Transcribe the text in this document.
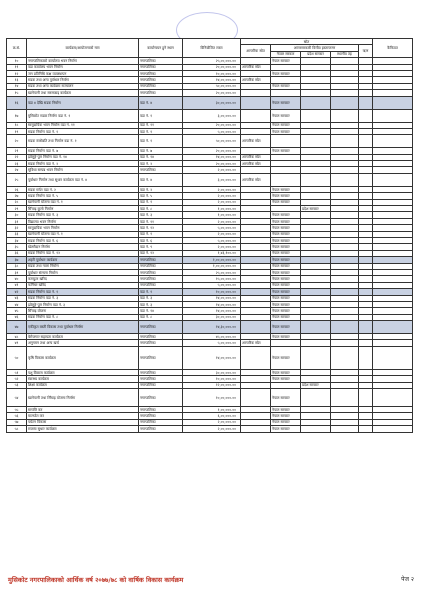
क्र.सं.	कार्यक्रम/आयोजनाको नाम	कार्यान्वयन हुने स्थान	विनियोजित रकम	स्रोत					कैफियत
				आन्तरिक स्रोत	अन्तरसरकारी वित्तीय हस्तान्तरण			ऋण	
					नेपाल सरकार	प्रदेश सरकार	स्थानीय तह		
१०	नगरपालिकाको कार्यालय भवन निर्माण	नगरपालिका	२५,००,०००.००		नेपाल सरकार				
११	वडा कार्यालय भवन निर्माण	नगरपालिका	२०,००,०००.००	आन्तरिक स्रोत					
१२	जन प्रतिनिधि कक्ष व्यवस्थापन	नगरपालिका	१०,००,०००.००		नेपाल सरकार				
१३	सडक तथा अन्य पूर्वाधार निर्माण	नगरपालिका	१४,००,०००.००	आन्तरिक स्रोत					
१४	सडक तथा अन्य कार्यक्रम सञ्चालन	नगरपालिका	५०,००,०००.००		नेपाल सरकार				
१५	खानेपानी तथा सरसफाइ कार्यक्रम	नगरपालिका	२०,००,०००.००						
१६	वडा ४ देखि सडक निर्माण	वडा नं. ४	३०,००,०००.००		नेपाल सरकार				
१७	मुसिकोट सडक निर्माण वडा नं. १	वडा नं. १	३,००,०००.००		नेपाल सरकार				
१८	सामुदायिक भवन निर्माण वडा नं. ११	वडा नं. ११	२०,००,०००.००		नेपाल सरकार				
१९	सडक निर्माण वडा नं. १	वडा नं. १	५,००,०००.००		नेपाल सरकार				
२०	सडक स्तरोन्नति तथा निर्माण वडा नं. १	वडा नं. १	५०,००,०००.००	आन्तरिक स्रोत					
२१	सडक निर्माण वडा नं. ७	वडा नं. ७	२०,००,०००.००		नेपाल सरकार				
२२	झोलुङ्गे पुल निर्माण वडा नं. १४	वडा नं. १४	१४,००,०००.००	आन्तरिक स्रोत					
२३	सडक निर्माण वडा नं. २	वडा नं. २	२०,००,०००.००	आन्तरिक स्रोत					
२४	सुविधा सम्पन्न भवन निर्माण	नगरपालिका	२,००,०००.००						
२५	पूर्वाधार निर्माण तथा सुधार कार्यक्रम वडा नं. ४	वडा नं. ४	३,००,०००.००	आन्तरिक स्रोत					
२६	सडक मर्मत वडा नं. २	वडा नं. २	२,००,०००.००		नेपाल सरकार				
२७	सडक निर्माण वडा नं. ५	वडा नं. ५	२,००,०००.००		नेपाल सरकार				
२८	खानेपानी योजना वडा नं. १	वडा नं. १	२,००,०००.००		नेपाल सरकार				
२९	सिँचाइ कुलो निर्माण	वडा नं. ८	१,००,०००.००			प्रदेश सरकार			
३०	सडक निर्माण वडा नं. ३	वडा नं. ३	१,००,०००.००		नेपाल सरकार				
३१	विद्यालय भवन निर्माण	वडा नं. ११	२,००,०००.००		नेपाल सरकार				
३२	सामुदायिक भवन निर्माण	वडा नं. १२	५,००,०००.००		नेपाल सरकार				
३३	खानेपानी योजना वडा नं. १	वडा नं. १	२,००,०००.००		नेपाल सरकार				
३४	सडक निर्माण वडा नं. ६	वडा नं. ६	५,००,०००.००		नेपाल सरकार				
३५	खेलमैदान निर्माण	वडा नं. ९	२,००,०००.००		नेपाल सरकार				
३६	सडक निर्माण वडा नं. १२	वडा नं. १२	१,४३,१००.००		नेपाल सरकार				
३७	शहरी पूर्वाधार कार्यक्रम	नगरपालिका	१,००,००,०००.००		नेपाल सरकार				
३८	सडक तथा नाला निर्माण	नगरपालिका	१,००,००,०००.००		नेपाल सरकार				
३९	पूर्वाधार संरचना निर्माण	नगरपालिका	२५,००,०००.००		नेपाल सरकार				
४०	कम्प्युटर खरिद	नगरपालिका	१५,००,०००.००		नेपाल सरकार				
४१	फर्निचर खरिद	नगरपालिका	५,००,०००.००		नेपाल सरकार				
४२	सडक निर्माण वडा नं. १	वडा नं. १	१०,००,०००.००		नेपाल सरकार				
४३	सडक निर्माण वडा नं. ३	वडा नं. ३	१४,००,०००.००		नेपाल सरकार				
४४	झोलुङ्गे पुल निर्माण वडा नं. ३	वडा नं. ३	१४,००,०००.००		नेपाल सरकार				
४५	सिँचाइ योजना	वडा नं. १४	१४,००,०००.००		नेपाल सरकार				
४६	सडक निर्माण वडा नं. ८	वडा नं. ८	३०,००,०००.००		नेपाल सरकार				
४७	एकीकृत बस्ती विकास तथा पूर्वाधार निर्माण	नगरपालिका	१४,३०,०००.००		नेपाल सरकार				
४८	बेरोजगार सहायता कार्यक्रम	नगरपालिका	४५,००,०००.००		नेपाल सरकार				
४९	अनुगमन तथा अन्य खर्च	नगरपालिका	५,००,०००.००	आन्तरिक स्रोत					
५०	कृषि विकास कार्यक्रम	नगरपालिका	१४,००,०००.००		नेपाल सरकार				
५१	पशु विकास कार्यक्रम	नगरपालिका	३०,००,०००.००		नेपाल सरकार				
५२	स्वास्थ्य कार्यक्रम	नगरपालिका	१०,००,०००.००		नेपाल सरकार				
५३	शिक्षा कार्यक्रम	नगरपालिका	१२,००,०००.००			प्रदेश सरकार			
५४	खानेपानी तथा सिँचाइ योजना निर्माण	नगरपालिका	१०,००,०००.००		नेपाल सरकार				
५५	सम्पत्ति कर	नगरपालिका	१,००,०००.००		नेपाल सरकार				
५६	मालपोत कर	नगरपालिका	६,००,०००.००		नेपाल सरकार				
५७	पर्यटन विकास	नगरपालिका	२,००,०००.००		नेपाल सरकार				
५८	राजस्व सुधार कार्यक्रम	नगरपालिका	२,००,०००.००		नेपाल सरकार				
मुसिकोट नगरपालिकाको आर्थिक वर्ष २०७७/७८ को वार्षिक विकास कार्यक्रम	पेज २
